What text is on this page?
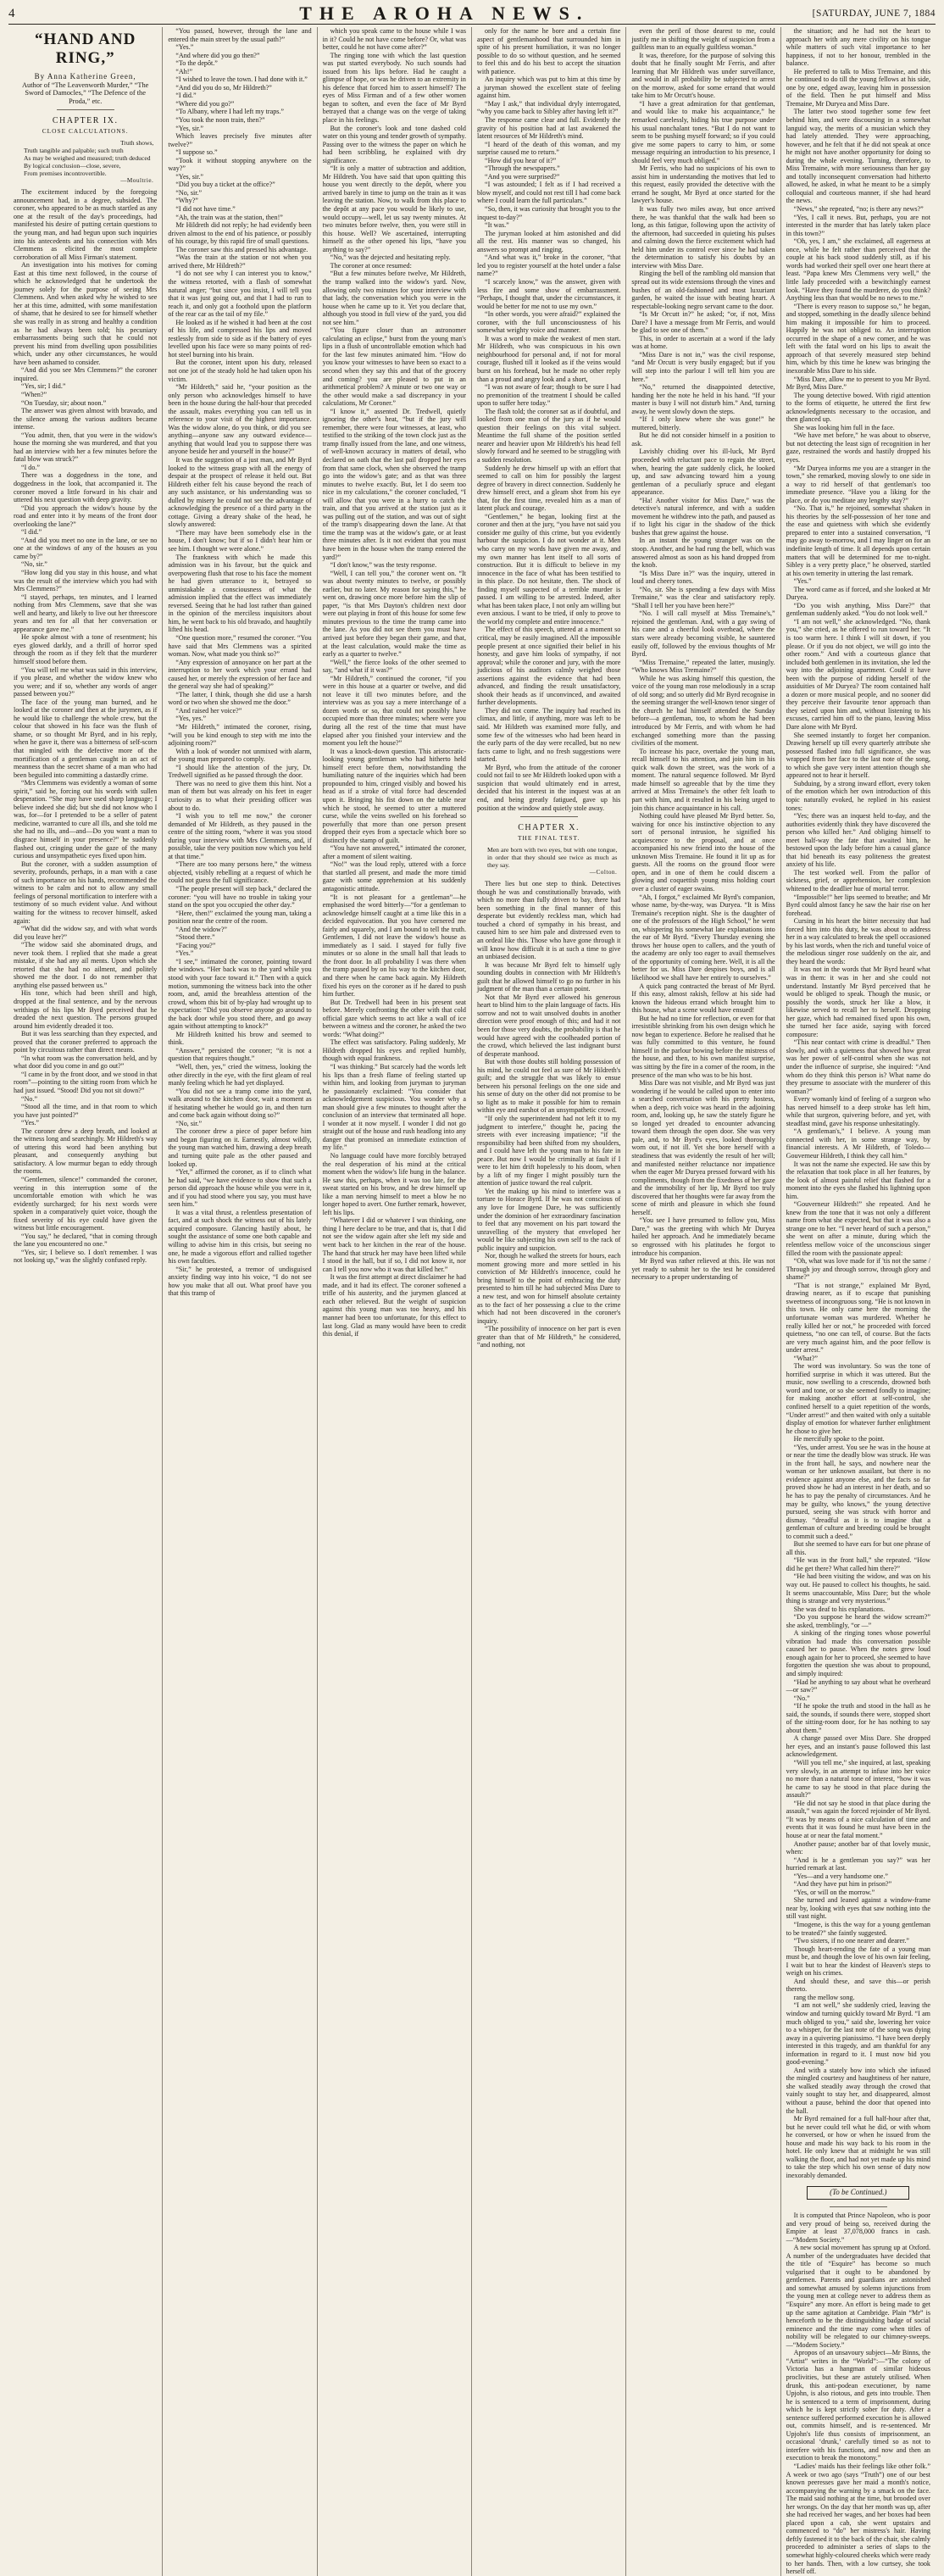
4	THE AROHA NEWS.	[SATURDAY, JUNE 7, 1884
“HAND AND RING,”

By Anna Katherine Green,

Author of “The Leavenworth Murder,” “The Sword of Damocles,” “The Defence of the Proda,” etc.

CHAPTER IX.
CLOSE CALCULATIONS.
Truth shows,
Truth tangible and palpable; such truth
As may be weighed and measured; truth deduced
By logical conclusion—close, severe,
From premises incontrovertible.
—Moultrie.

The excitement induced by the foregoing announcement had, in a degree, subsided. The coroner, who appeared to be as much startled as any one at the result of the day's proceedings, had manifested his desire of putting certain questions to the young man, and had begun upon such inquiries into his antecedents and his connection with Mrs Clemmens as elicited the most complete corroboration of all Miss Firman's statement.

An investigation into his motives for coming East at this time next followed, in the course of which he acknowledged that he undertook the journey solely for the purpose of seeing Mrs Clemmens. And when asked why he wished to see her at this time, admitted, with some manifestation of shame, that he desired to see for himself whether she was really in as strong and healthy a condition as he had always been told; his pecuniary embarrassments being such that he could not prevent his mind from dwelling upon possibilities which, under any other circumstances, he would have been ashamed to consider.

“And did you see Mrs Clemmens?” the coroner inquired.

“Yes, sir; I did.”

“When?”

“On Tuesday, sir; about noon.”

The answer was given almost with bravado, and the silence among the various auditors became intense.

“You admit, then, that you were in the widow's house the morning she was murdered, and that you had an interview with her a few minutes before the fatal blow was struck?”

“I do.”

There was a doggedness in the tone, and doggedness in the look, that accompanied it. The coroner moved a little forward in his chair and uttered his next question with deep gravity.

“Did you approach the widow's house by the road and enter into it by means of the front door overlooking the lane?”

“I did.”

“And did you meet no one in the lane, or see no one at the windows of any of the houses as you came by?”

“No, sir.”

“How long did you stay in this house, and what was the result of the interview which you had with Mrs Clemmens?”

“I stayed, perhaps, ten minutes, and I learned nothing from Mrs Clemmens, save that she was well and hearty, and likely to live out her threescore years and ten for all that her conversation or appearance gave me.”

He spoke almost with a tone of resentment; his eyes glowed darkly, and a thrill of horror sped through the room as if they felt that the murderer himself stood before them.

“You will tell me what was said in this interview, if you please, and whether the widow knew who you were; and if so, whether any words of anger passed between you?”

The face of the young man burned, and he looked at the coroner and then at the jurymen, as if he would like to challenge the whole crew, but the colour that showed in his face was the flush of shame, or so thought Mr Byrd, and in his reply, when he gave it, there was a bitterness of self-scorn that mingled with the defective more of the mortification of a gentleman caught in an act of meanness than the secret shame of a man who had been beguiled into committing a dastardly crime.

“Mrs Clemmens was evidently a woman of some spirit,” said he, forcing out his words with sullen desperation. “She may have used sharp language; I believe indeed she did; but she did not know who I was, for—for I pretended to be a seller of patent medicine, warranted to cure all ills, and she told me she had no ills, and—and—Do you want a man to disgrace himself in your presence?” he suddenly flashed out, cringing under the gaze of the many curious and unsympathetic eyes fixed upon him.

But the coroner, with a sudden assumption of severity, profounds, perhaps, in a man with a case of such importance on his hands, recommended the witness to be calm and not to allow any small feelings of personal mortification to interfere with a testimony of so much evident value. And without waiting for the witness to recover himself, asked again:

“What did the widow say, and with what words did you leave her?”

“The widow said she abominated drugs, and never took them. I replied that she made a great mistake, if she had any ail ments. Upon which she retorted that she had no ailment, and politely showed me the door. I do not remember that anything else passed between us.”

His tone, which had been shrill and high, dropped at the final sentence, and by the nervous writhings of his lips Mr Byrd perceived that he dreaded the next question. The persons grouped around him evidently dreaded it too.

But it was less searching than they expected, and proved that the coroner preferred to approach the point by circuitous rather than direct means.

“In what room was the conversation held, and by what door did you come in and go out?”

“I came in by the front door, and we stood in that room”—pointing to the sitting room from which he had just issued. “Stood! Did you not sit down?”

“No.”

“Stood all the time, and in that room to which you have just pointed?”

“Yes.”

The coroner drew a deep breath, and looked at the witness long and searchingly. Mr Hildreth's way of uttering this word had been anything but pleasant, and consequently anything but satisfactory. A low murmur began to eddy through the rooms.

“Gentlemen, silence!” commanded the coroner, veering in this interruption some of the uncomfortable emotion with which he was evidently surcharged; for his next words were spoken in a comparatively quiet voice, though the fixed severity of his eye could have given the witness but little encouragement.

“You say,” he declared, “that in coming through the lane you encountered no one.”

“Yes, sir; I believe so. I don't remember. I was not looking up,” was the slightly confused reply.

“You passed, however, through the lane and entered the main street by the usual path?”

“Yes.”

“And where did you go then?”

“To the depôt.”

“Ah!”

“I wished to leave the town. I had done with it.”

“And did you do so, Mr Hildreth?”

“I did.”

“Where did you go?”

“To Albany, where I had left my traps.”

“You took the noon train, then?”

“Yes, sir.”

Which leaves precisely five minutes after twelve?”

“I suppose so.”

“Took it without stopping anywhere on the way?”

“Yes, sir.”

“Did you buy a ticket at the office?”

“No, sir.”

“Why?”

“I did not have time.”

“Ah, the train was at the station, then!”

Mr Hildreth did not reply; he had evidently been driven almost to the end of his patience, or possibly of his courage, by this rapid fire of small questions.

The coroner saw this and pressed his advantage.

“Was the train at the station or not when you arrived there, Mr Hildreth?”

“I do not see why I can interest you to know,” the witness retorted, with a flash of somewhat natural anger; “but since you insist, I will tell you that it was just going out, and that I had to run to reach it, and only got a foothold upon the platform of the rear car as the tail of my file.”

He looked as if he wished it had been at the cost of his life, and compressed his lips and moved restlessly from side to side as if the battery of eyes levelled upon his face were so many points of red-hot steel burning into his brain.

But the coroner, intent upon his duty, released not one jot of the steady hold he had taken upon his victim.

“Mr Hildreth,” said he, “your position as the only person who acknowledges himself to have been in the house during the half-hour that preceded the assault, makes everything you can tell us in reference to your visit of the highest importance. Was the widow alone, do you think, or did you see anything—anyone saw any outward evidence—anything that would lead you to suppose there was anyone beside her and yourself in the house?”

It was the suggestion of a just man, and Mr Byrd looked to the witness grasp with all the energy of despair at the prospect of release it held out. But Hildreth either felt his cause beyond the reach of any such assistance, or his understanding was so dulled by misery he could not see the advantage of acknowledging the presence of a third party in the cottage. Giving a dreary shake of the head, he slowly answered:

“There may have been somebody else in the house, I don't know; but if so I didn't hear him or see him. I thought we were alone.”

The frankness with which he made this admission was in his favour, but the quick and overpowering flush that rose to his face the moment he had given utterance to it, betrayed so unmistakable a consciousness of what the admission implied that the effect was immediately reversed. Seeing that he had lost rather than gained in the opinion of the merciless inquisitors about him, he went back to his old bravado, and haughtily lifted his head.

“One question more,” resumed the coroner. “You have said that Mrs Clemmens was a spirited woman. Now, what made you think so?”

“Any expression of annoyance on her part at the interruption to her work which your errand had caused her, or merely the expression of her face and the general way she had of speaking?”

“The latter, I think, though she did use a harsh word or two when she showed me the door.”

“And raised her voice?”

“Yes, yes.”

“Mr Hildreth,” intimated the coroner, rising, “will you be kind enough to step with me into the adjoining room?”

With a look of wonder not unmixed with alarm, the young man prepared to comply.

“I should like the attention of the jury, Dr. Tredwell signified as he passed through the door.

There was no need to give them this hint. Not a man of them but was already on his feet in eager curiosity as to what their presiding officer was about to do.

“I wish you to tell me now,” the coroner demanded of Mr Hildreth, as they paused in the centre of the sitting room, “where it was you stood during your interview with Mrs Clemmens, and, if possible, take the very position now which you held at that time.”

“There are too many persons here,” the witness objected, visibly rebelling at a request of which he could not guess the full significance.

“The people present will step back,” declared the coroner: “you will have no trouble in taking your stand on the spot you occupied the other day.”

“Here, then!” exclaimed the young man, taking a position near the centre of the room.

“And the widow?”

“Stood there.”

“Facing you?”

“Yes.”

“I see,” intimated the coroner, pointing toward the windows. “Her back was to the yard while you stood with your face toward it.” Then with a quick motion, summoning the witness back into the other room, and, amid the breathless attention of the crowd, whom this bit of by-play had wrought up to expectation: “Did you observe anyone go around to the back door while you stood there, and go away again without attempting to knock?”

Mr Hildreth knitted his brow and seemed to think.

“Answer,” persisted the coroner; “it is not a question that requires thought.”

“Well, then, yes,” cried the witness, looking the other directly in the eye, with the first gleam of real manly feeling which he had yet displayed.

“You did not see a tramp come into the yard, walk around to the kitchen door, wait a moment as if hesitating whether he would go in, and then turn and come back again without doing so?”

“No, sir.”

The coroner drew a piece of paper before him and began figuring on it. Earnestly, almost wildly, the young man watched him, drawing a deep breath and turning quite pale as the other paused and looked up.

“Yet,” affirmed the coroner, as if to clinch what he had said, “we have evidence to show that such a person did approach the house while you were in it, and if you had stood where you say, you must have seen him.”

It was a vital thrust, a relentless presentation of fact, and at such shock the witness out of his lately acquired composure. Glancing hastily about, he sought the assistance of some one both capable and willing to advise him in this crisis, but seeing no one, he made a vigorous effort and rallied together his own faculties.

“Sir,” he protested, a tremor of undisguised anxiety finding way into his voice, “I do not see how you make that all out. What proof have you that this tramp of

which you speak came to the house while I was in it? Could he not have come before? Or, what was better, could he not have come after?”

The ringing tone with which the last question was put started everybody. No such sounds had issued from his lips before. Had he caught a glimpse of hope, or was he driven to an extremity in his defence that forced him to assert himself? The eyes of Miss Firman and of a few other women began to soften, and even the face of Mr Byrd betrayed that a change was on the verge of taking place in his feelings.

But the coroner's look and tone dashed cold water on this young and tender growth of sympathy. Passing over to the witness the paper on which he had been scribbling, he explained with dry significance.

“It is only a matter of subtraction and addition, Mr Hildreth. You have said that upon quitting this house you went directly to the depôt, where you arrived barely in time to jump on the train as it was leaving the station. Now, to walk from this place to the depôt at any pace you would be likely to use, would occupy—well, let us say twenty minutes. At two minutes before twelve, then, you were still in this house. Well? We ascertained, interrupting himself as the other opened his lips, “have you anything to say?”

“No,” was the dejected and hesitating reply.

The coroner at once resumed:

“But a few minutes before twelve, Mr Hildreth, the tramp walked into the widow's yard. Now, allowing only two minutes for your interview with that lady, the conversation which you were in the house when he came up to it. Yet you declare that, although you stood in full view of the yard, you did not see him.”

“You figure closer than an astronomer calculating an eclipse,” burst from the young man's lips in a flush of uncontrollable emotion which had for the last few minutes animated him. “How do you know your witnesses to have been so exact to a second when they say this and that of the grocery and coming? you are pleased to put in an arithmetical problem? A minute or two one way or the other would make a sad discrepancy in your calculations, Mr Coroner.”

“I know it,” assented Dr. Tredwell, quietly ignoring the other's heat, “but if the jury will remember, there were four witnesses, at least, who testified to the striking of the town clock just as the tramp finally issued from the lane, and one witness, of well-known accuracy in matters of detail, who declared on oath that the last pail dropped her eyes from that same clock, when she observed the tramp go into the widow's gate; and as that was three minutes to twelve exactly. But, let I do seem too nice in my calculations,” the coroner concluded, “I will allow that you were in a hurry to catch the train, and that you arrived at the station just as it was pulling out of the station, and was out of sight of the tramp's disappearing down the lane. At that time the tramp was at the widow's gate, or at least three minutes after. Is it not evident that you must have been in the house when the tramp entered the yard?”

“I don't know,” was the testy response.

“Well, I can tell you,” the coroner went on. “It was about twenty minutes to twelve, or possibly earlier, but no later. My reason for saying this,” he went on, drawing once more before him the slip of paper, “is that Mrs Dayton's children next door were out playing in front of this house for some few minutes previous to the time the tramp came into the lane. As you did not see them you must have arrived just before they began their game, and that, at the least calculation, would make the time as early as a quarter to twelve.”

“Well,” the fierce looks of the other seemed to say, “and what if it was?”

“Mr Hildreth,” continued the coroner, “if you were in this house at a quarter or twelve, and did not leave it till two minutes before, and the interview was as you say a mere interchange of a dozen words or so, that could not possibly have occupied more than three minutes; where were you during all the rest of the time that must have elapsed after you finished your interview and the moment you left the house?”

It was a knock-down question. This aristocratic-looking young gentleman who had hitherto held himself erect before them, notwithstanding the humiliating nature of the inquiries which had been propounded to him, cringed visibly and bowed his head as if a stroke of vital force had descended upon it. Bringing his fist down on the table near which he stood, he seemed to utter a muttered curse, while the veins swelled on his forehead so powerfully that more than one person present dropped their eyes from a spectacle which bore so distinctly the stamp of guilt.

“You have not answered,” intimated the coroner, after a moment of silent waiting.

“No!” was the loud reply, uttered with a force that startled all present, and made the more timid gaze with some apprehension at his suddenly antagonistic attitude.

“It is not pleasant for a gentleman”—he emphasised the word bitterly—“for a gentleman to acknowledge himself caught at a time like this in a decided equivocation. But you have cornered me fairly and squarely, and I am bound to tell the truth. Gentlemen, I did not leave the widow's house as immediately as I said. I stayed for fully five minutes or so alone in the small hall that leads to the front door. In all probability I was there when the tramp passed by on his way to the kitchen door, and there when he came back again. My Hildreth fixed his eyes on the coroner as if he dared to push him further.

But Dr. Tredwell had been in his present seat before. Merely confronting the other with that cold official gaze which seems to act like a wall of ice between a witness and the coroner, he asked the two words: “What doing?”

The effect was satisfactory. Paling suddenly, Mr Hildreth dropped his eyes and replied humbly, though with equal frankness.

“I was thinking.” But scarcely had the words left his lips than a fresh flame of feeling started up within him, and looking from juryman to juryman he passionately exclaimed: “You consider that acknowledgement suspicious. You wonder why a man should give a few minutes to thought after the conclusion of an interview that terminated all hope. I wonder at it now myself. I wonder I did not go straight out of the house and rush headlong into any danger that promised an immediate extinction of my life.”

No language could have more forcibly betrayed the real desperation of his mind at the critical moment when the widow's life hung in the balance. He saw this, perhaps, when it was too late, for the sweat started on his brow, and he drew himself up like a man nerving himself to meet a blow he no longer hoped to avert. One further remark, however, left his lips.

“Whatever I did or whatever I was thinking, one thing I here declare to be true, and that is, that I did not see the widow again after she left my side and went back to her kitchen in the rear of the house. The hand that struck her may have been lifted while I stood in the hall, but if so, I did not know it, nor can I tell you now who it was that killed her.”

It was the first attempt at direct disclaimer he had made, and it had its effect. The coroner softened a trifle of his austerity, and the jurymen glanced at each other relieved. But the weight of suspicion against this young man was too heavy, and his manner had been too unfortunate, for this effect to last long. Glad as many would have been to credit this denial, if

only for the name he bore and a certain fine aspect of gentlemanhood that surrounded him in spite of his present humiliation, it was no longer possible to do so without question, and he seemed to feel this and do his best to accept the situation with patience.

An inquiry which was put to him at this time by a juryman showed the excellent state of feeling against him.

“May I ask,” that individual dryly interrogated, “why you came back to Sibley after having left it?”

The response came clear and full. Evidently the gravity of his position had at last awakened the latent resources of Mr Hildreth's mind.

“I heard of the death of this woman, and my surprise caused me to return.”

“How did you hear of it?”

“Through the newspapers.”

“And you were surprised?”

“I was astounded; I felt as if I had received a blow myself, and could not rest till I had come back where I could learn the full particulars.”

“So, then, it was curiosity that brought you to the inquest to-day?”

“It was.”

The juryman looked at him astonished and did all the rest. His manner was so changed, his answers so prompt and ringing.

“And what was it,” broke in the coroner, “that led you to register yourself at the hotel under a false name?”

“I scarcely know,” was the answer, given with less fire and some show of embarrassment. “Perhaps, I thought that, under the circumstances, it would be better for me not to use my own.”

“In other words, you were afraid?” explained the coroner, with the full unconsciousness of his somewhat weighty voice and manner.

It was a word to make the weakest of men start. Mr Hildreth, who was conspicuous in his own neighbourhood for personal and, if not for moral courage, flushed till it looked as if the veins would burst on his forehead, but he made no other reply than a proud and angry look and a short,

“I was not aware of fear; though to be sure I had no premonition of the treatment I should be called upon to suffer here today.”

The flash told; the coroner sat as if doubtful, and looked from one man of the jury as if he would question their feelings on this vital subject. Meantime the full shame of the position settled nearer and heavier upon Mr Hildreth's his head fell slowly forward and he seemed to be struggling with a sudden resolution.

Suddenly he drew himself up with an effort that seemed to call on him for possibly the largest degree of bravery in direct connection. Suddenly he drew himself erect, and a gleam shot from his eye that, for the first time, revealed him as a man of latent pluck and courage.

“Gentlemen,” he began, looking first at the coroner and then at the jury, “you have not said you consider me guilty of this crime, but you evidently harbour the suspicion. I do not wonder at it. Men who carry on my words have given me away, and my own manner has lent itself to all sorts of construction. But it is difficult to believe in my innocence in the face of what has been testified to in this place. Do not hesitate, then. The shock of finding myself suspected of a terrible murder is passed. I am willing to be arrested. Indeed, after what has been taken place, I not only am willing but even anxious. I want to be tried, if only to prove to the world my complete and entire innocence.”

The effect of this speech, uttered at a moment so critical, may be easily imagined. All the impossible people present at once signified their belief in his honesty, and gave him looks of sympathy, if not approval; while the coroner and jury, with the more judicious of his auditors calmly weighed those assertions against the evidence that had been advanced, and finding the result unsatisfactory, shook their heads as if unconvinced, and awaited further developments.

They did not come. The inquiry had reached its climax, and little, if anything, more was left to be said. Mr Hildreth was examined more fully, and some few of the witnesses who had been heard in the early parts of the day were recalled, but no new facts came to light, and no fresh suggestions were started.

Mr Byrd, who from the attitude of the coroner could not fail to see Mr Hildreth looked upon with a suspicion that would ultimately end in arrest, decided that his interest in the inquest was at an end, and being greatly fatigued, gave up his position at the window and quietly stole away.

CHAPTER X.
THE FINAL TEST.
Men are born with two eyes, but with one tongue, in order that they should see twice as much as they say.
—Colton.

There lies but one step to think. Detectives though he was and constitutionally bravado, with which no more than fully driven to bay, there had been something in the final manner of this desperate but evidently reckless man, which had touched a chord of sympathy in his breast, and caused him to see him pale and distressed even to an ordeal like this. Those who have gone through it will know how difficult it is at such a time to give an unbiased decision.

It was because Mr Byrd felt to himself ugly sounding doubts in connection with Mr Hildreth's guilt that he allowed himself to go no further in his judgment of the man than a certain point.

Not that Mr Byrd ever allowed his generous heart to blind him to the plain language of facts. His sorrow and not to wait unsolved doubts in another direction were proof enough of this; and had it not been for those very doubts, the probability is that he would have agreed with the coolheaded portion of the crowd, which believed the last indignant burst of desperate manhood.

But with those doubts still holding possession of his mind, he could not feel as sure of Mr Hildreth's guilt; and the struggle that was likely to ensue between his personal feelings on the one side and his sense of duty on the other did not promise to be so light as to make it possible for him to remain within eye and earshot of an unsympathetic crowd.

“If only the superintendent had not left it to my judgment to interfere,” thought he, pacing the streets with ever increasing impatience; “if the responsibility had been shifted from my shoulders, and I could have left the young man to his fate in peace. But now I would be criminally at fault if I were to let him drift hopelessly to his doom, when by a lift of my finger I might possibly turn the attention of justice toward the real culprit.

Yet the making up his mind to interfere was a torture to Horace Byrd. If he was not conscious of any love for Imogene Dare, he was sufficiently under the dominion of her extraordinary fascination to feel that any movement on his part toward the unravelling of the mystery that enveloped her would be like subjecting his own self to the rack of public inquiry and suspicion.

Nor, though he walked the streets for hours, each moment growing more and more settled in his conviction of Mr Hildreth's innocence, could he bring himself to the point of embracing the duty presented to him till he had subjected Miss Dare to a new test, and won for himself absolute certainty as to the fact of her possessing a clue to the crime which had not been discovered in the coroner's inquiry.

“The possibility of innocence on her part is even greater than that of Mr Hildreth,” he considered, “and nothing, not

even the peril of those dearest to me, could justify me in shifting the weight of suspicion from a guiltless man to an equally guiltless woman.”

It was, therefore, for the purpose of solving this doubt that he finally sought Mr Ferris, and after learning that Mr Hildreth was under surveillance, and would in all probability be subjected to arrest on the morrow, asked for some errand that would take him to Mr Orcutt's house.

“I have a great admiration for that gentleman, and would like to make his acquaintance,” he remarked carelessly, hiding his true purpose under his usual nonchalant tones. “But I do not want to seem to be pushing myself forward; so if you could give me some papers to carry to him, or some message requiring an introduction to his presence, I should feel very much obliged.”

Mr Ferris, who had no suspicions of his own to assist him in understanding the motives that led to this request, easily provided the detective with the errand he sought, Mr Byrd at once started for the lawyer's house.

It was fully two miles away, but once arrived there, he was thankful that the walk had been so long, as this fatigue, following upon the activity of the afternoon, had succeeded in quieting his pulses and calming down the fierce excitement which had held him under its control ever since he had taken the determination to satisfy his doubts by an interview with Miss Dare.

Ringing the bell of the rambling old mansion that spread out its wide extensions through the vines and bushes of an old-fashioned and most luxuriant garden, he waited the issue with beating heart. A respectable-looking negro servant came to the door.

“Is Mr Orcutt in?” he asked; “or, if not, Miss Dare? I have a message from Mr Ferris, and would be glad to see one of them.”

This, in order to ascertain at a word if the lady was at home.

“Miss Dare is not in,” was the civil response, “and Mr Orcutt is very busily engaged; but if you will step into the parlour I will tell him you are here.”

“No,” returned the disappointed detective, handing her the note he held in his hand. “If your master is busy I will not disturb him.” And, turning away, he went slowly down the steps.

“If I only knew where she was gone!” he muttered, bitterly.

But he did not consider himself in a position to ask.

Lavishly chiding over his ill-luck, Mr Byrd proceeded with reluctant pace to regain the street, when, hearing the gate suddenly click, he looked up, and saw advancing toward him a young gentleman of a peculiarly spruce and elegant appearance.

“Ha! Another visitor for Miss Dare,” was the detective's natural inference, and with a sudden movement he withdrew into the path, and paused as if to light his cigar in the shadow of the thick bushes that grew against the house.

In an instant the young stranger was on the stoop. Another, and he had rung the bell, which was answered almost as soon as his hand dropped from the knob.

“Is Miss Dare in?” was the inquiry, uttered in loud and cheery tones.

“No, sir. She is spending a few days with Miss Tremaine,” was the clear and satisfactory reply. “Shall I tell her you have been here?”

“No. I will call myself at Miss Tremaine's,” rejoined the gentleman. And, with a gay swing of his cane and a cheerful look overhead, where the stars were already becoming visible, he sauntered easily off, followed by the envious thoughts of Mr Byrd.

“Miss Tremaine,” repeated the latter, musingly. “Who knows Miss Tremaine?”

While he was asking himself this question, the voice of the young man rose melodiously in a scrap of old song; and so utterly did Mr Byrd recognise in the seeming stranger the well-known tenor singer of the church he had himself attended the Sunday before—a gentleman, too, to whom he had been introduced by Mr Ferris, and with whom he had exchanged something more than the passing civilities of the moment.

To increase his pace, overtake the young man, recall himself to his attention, and join him in his quick walk down the street, was the work of a moment. The natural sequence followed. Mr Byrd made himself so agreeable that by the time they arrived at Miss Tremaine's the other felt loath to part with him, and it resulted in his being urged to join this chance acquaintance in his call.

Nothing could have pleased Mr Byrd better. So, waiving for once his instinctive objection to any sort of personal intrusion, he signified his acquiescence to the proposal, and at once accompanied his new friend into the house of the unknown Miss Tremaine. He found it lit up as for guests. All the rooms on the ground floor were open, and in one of them he could discern a glowing and coquettish young miss holding court over a cluster of eager swains.

“Ah, I forgot,” exclaimed Mr Byrd's companion, whose name, by-the-way, was Duryea. “It is Miss Tremaine's reception night. She is the daughter of one of the professors of the High School,” he went on, whispering his somewhat late explanations into the ear of Mr Byrd. “Every Thursday evening she throws her house open to callers, and the youth of the academy are only too eager to avail themselves of the opportunity of coming here. Well, it is all the better for us. Miss Dare despises boys, and is all likelihood we shall have her entirely to ourselves.”

A quick pang contracted the breast of Mr Byrd. If this easy, almost rakish, fellow at his side had known the hideous errand which brought him to this house, what a scene would have ensued!

But he had no time for reflection, or even for that irresistible shrinking from his own design which he now began to experience. Before he realised that he was fully committed to this venture, he found himself in the parlour bowing before the mistress of the house, and then, to his own manifest surprise, was sitting by the fire in a corner of the room, in the presence of the man who was to be his host.

Miss Dare was not visible, and Mr Byrd was just wondering if he would be called upon to enter into a searched conversation with his pretty hostess, when a deep, rich voice was heard in the adjoining room, and, looking up, he saw the stately figure he so longed yet dreaded to encounter advancing toward them through the open door. She was very pale, and, to Mr Byrd's eyes, looked thoroughly worn out, if not ill. Yet she bore herself with a steadiness that was evidently the result of her will; and manifested neither reluctance nor impatience when the eager Mr Duryea pressed forward with his compliments, though from the fixedness of her gaze and the immobility of her lip, Mr Byrd too truly discovered that her thoughts were far away from the scene of mirth and pleasure in which she found herself.

“You see I have presumed to follow you, Miss Dare,” was the greeting with which Mr Duryea hailed her approach. And he immediately became so engrossed with his platitudes he forgot to introduce his companion.

Mr Byrd was rather relieved at this. He was not yet ready to submit her to the test he considered necessary to a proper understanding of

the situation; and he had not the heart to approach her with any mere civility on his tongue while matters of such vital importance to her happiness, if not to her honour, trembled in the balance.

He preferred to talk to Miss Tremaine, and this he continued to do till the young fellows at his side, one by one, edged away, leaving him in possession of the field. Then he put himself and Miss Tremaine, Mr Duryea and Miss Dare.

The latter two stood together some few feet behind him, and were discoursing in a somewhat languid way, the merits of a musician which they had lately attended. They were approaching, however, and he felt that if he did not speak at once he might not have another opportunity for doing so during the whole evening. Turning, therefore, to Miss Tremaine, with more seriousness than her gay and totally inconsequent conversation had hitherto allowed, he asked, in what he meant to be a simply colloquial and courteous manner, if she had heard the news.

“News,” she repeated, “no; is there any news?”

“Yes, I call it news. But, perhaps, you are not interested in the murder that has lately taken place in this town?”

“Oh, yes, I am,” she exclaimed, all eagerness at once, while he felt rather than perceived that the couple at his back stood suddenly still, as if his words had worked their spell over one heart there at least. “Papa knew Mrs Clemmens very well,” the little lady proceeded with a bewitchingly earnest look. “Have they found the murderer, do you think? Anything less than that would be no news to me.”

“There is every reason to suppose so,” he began, and stopped, something in the deadly silence behind him making it impossible for him to proceed. Happily he was not obliged to. An interruption occurred in the shape of a new comer, and he was left with the fatal word on his lips to await the approach of that severely measured step behind him, which by this time he knew was bringing the inexorable Miss Dare to his side.

“Miss Dare, allow me to present to you Mr Byrd. Mr Byrd, Miss Dare.”

The young detective bowed. With rigid attention to the forms of etiquette, he uttered the first few acknowledgments necessary to the occasion, and then glanced up.

She was looking him full in the face.

“We have met before,” he was about to observe, but not detecting the least sign of recognition in her gaze, restrained the words and hastily dropped his eyes.

“Mr Duryea informs me you are a stranger in the town,” she remarked, moving slowly to one side in a way to rid herself of that gentleman's too immediate presence. “Have you a liking for the place, or do you meditate any lengthy stay?”

“No. That is,” he rejoined, somewhat shaken in his theories by the self-possession of her tone and the ease and quietness with which she evidently prepared to enter into a sustained conversation, “I may go away to-morrow, and I may linger on for an indefinite length of time. It all depends upon certain matters that will be determined for me to-night. Sibley is a very pretty place,” he observed, startled at his own temerity in uttering the last remark.

“Yes.”

The word came as if forced, and she looked at Mr Duryea.

“Do you wish anything, Miss Dare?” that gentleman suddenly asked. “You do not look well.”

“I am not well,” she acknowledged. “No, thank you,” she cried, as he offered to run toward her. “It is too warm here. I think I will sit down, if you please. Or if you do not object, we will go into the other room.” And with a courteous glance that included both gentlemen in its invitation, she led the way into the adjoining apartment. Could it have been with the purpose of ridding herself of the assiduities of Mr Duryea? The room contained half a dozen or more musical people, and no sooner did they perceive their favourite tenor approach than they seized upon him and, without listening to his excuses, carried him off to the piano, leaving Miss Dare alone with Mr Byrd.

She seemed instantly to forget her companion. Drawing herself up till every quarterly attribute she possessed flashed into full significance, she was wrapped from her face to the last note of the song, to which she gave very intent attention though she appeared not to hear it herself.

Subduing, by a strong inward effort, every token of the emotion which her own introduction of this topic naturally evoked, he replied in his easiest tones:

“Yes; there was an inquest held to-day, and the authorities evidently think they have discovered the person who killed her.” And obliging himself to meet half-way the fate that awaited him, he bestowed upon the lady before him a casual glance that hid beneath its easy politeness the greatest anxiety of his life.

The test worked well. From the pallor of sickness, grief, or apprehension, her complexion whitened to the deadlier hue of mortal terror.

“Impossible!” her lips seemed to breathe; and Mr Byrd could almost fancy he saw the hair rise on her forehead.

Cursing in his heart the bitter necessity that had forced him into this duty, he was about to address her in a way calculated to break the spell occasioned by his last words, when the rich and tuneful voice of the melodious singer rose suddenly on the air, and they heard the words:

It was not in the words that Mr Byrd heard what was in them: it was in her and she could not understand. Instantly Mr Byrd perceived that he would be obliged to speak. Though the music, or possibly the words, struck her like a blow, it likewise served to recall her to herself. Dropping her gaze, which had remained fixed upon his own, she turned her face aside, saying with forced composure:

“This near contact with crime is dreadful.” Then slowly, and with a quietness that showed how great was her power of self-control when she was not under the influence of surprise, she inquired: “And whom do they think this person is? What name do they presume to associate with the murderer of this woman?”

Every womanly kind of feeling of a surgeon who has nerved himself to a deep stroke has left him, while that surgeon, quivering before, and yet, with steadfast mind, gave his response unhesitatingly.

“A gentleman's,” I believe. A young man connected with her, in some strange way, by financial interests. A Mr Hildreth, of Toledo—Gouverneur Hildreth, I think they call him.”

It was not the name she expected. He saw this by the relaxation that took place in all her features, by the look of almost painful relief that flashed for a moment into the eyes she flashed his lightning upon him.

“Gouverneur Hildreth!” she repeated. And he knew from the tone that it was not only a different name from what she expected, but that it was also a strange one to her. “I never heard of such a person,” she went on after a minute, during which the relentless mellow voice of the unconscious singer filled the room with the passionate appeal:

“Oh, what was love made for if 'tis not the same / Through joy and through sorrow, through glory and shame?”

“That is not strange,” explained Mr Byrd, drawing nearer, as if to escape that punishing sweetness of incongruous song. “He is not known in this town. He only came here the morning the unfortunate woman was murdered. Whether he really killed her or not,” he proceeded with forced quietness, “no one can tell, of course. But the facts are very much against him, and the poor fellow is under arrest.”

“What?”

The word was involuntary. So was the tone of horrified surprise in which it was uttered. But the music, now swelling to a crescendo, drowned both word and tone, or so she seemed fondly to imagine; for making another effort at self-control, she confined herself to a quiet repetition of the words, “Under arrest!” and then waited with only a suitable display of emotion for whatever further enlightment he chose to give her.

He mercifully spoke to the point.

“Yes, under arrest. You see he was in the house at or near the time the deadly blow was struck. He was in the front hall, he says, and nowhere near the woman or her unknown assailant, but there is no evidence against anyone else, and the facts so far proved show he had an interest in her death, and so he has to pay the penalty of circumstances. And he may be guilty, who knows,” the young detective pursued, seeing she was struck with horror and dismay. “dreadful as it is to imagine that a gentleman of culture and breeding could be brought to commit such a deed.”

But she seemed to have ears for but one phrase of all this.

“He was in the front hall,” she repeated. “How did he get there? What called him there?”

“He had been visiting the widow, and was on his way out. He paused to collect his thoughts, he said. It seems unaccountable, Miss Dare; but the whole thing is strange and very mysterious.”

She was deaf to his explanations.

“Do you suppose he heard the widow scream?” she asked, tremblingly, “or —”

A sinking of the ringing tones whose powerful vibration had made this conversation possible caused her to pause. When the notes grew loud enough again for her to proceed, she seemed to have forgotten the question she was about to propound, and simply inquired:

“Had he anything to say about what he overheard—or saw?”

“No.”

“If he spoke the truth and stood in the hall as he said, the sounds, if sounds there were, stopped short of the sitting-room door, for he has nothing to say about them.”

A change passed over Miss Dare. She dropped her eyes, and an instant's pause followed this last acknowledgement.

“Will you tell me,” she inquired, at last, speaking very slowly, in an attempt to infuse into her voice no more than a natural tone of interest, “how it was he came to say he stood in that place during the assault?”

“He did not say he stood in that place during the assault,” was again the forced rejoinder of Mr Byrd. “It was by means of a nice calculation of time and events that it was found he must have been in the house at or near the fatal moment.”

Another pause; another bar of that lovely music, when:

“And is he a gentleman you say?” was her hurried remark at last.

“Yes—and a very handsome one.”

“And they have put him in prison?”

“Yes, or will on the morrow.”

She turned and leaned against a window-frame near by, looking with eyes that saw nothing into the still vast night.

“Imogene, is this the way for a young gentleman to be treated?” she faintly suggested.

“Two sisters, if no one nearer and dearer.”

Though heart-rending the fate of a young man must be, and though the love of his own fair feeling, I wait but to hear the kindest of Heaven's steps to weigh on his crimes.

And should these, and save this—or perish thereto.

rang the mellow song.

“I am not well,” she suddenly cried, leaving the window and turning quickly toward Mr Byrd. “I am much obliged to you,” said she, lowering her voice to a whisper, for the last note of the song was dying away in a quivering pianissimo. “I have been deeply interested in this tragedy, and am thankful for any information in regard to it. I must now bid you good-evening.”

And with a stately bow into which she infused the mingled courtesy and haughtiness of her nature, she walked steadily away through the crowd that vainly sought to stay her, and disappeared, almost without a pause, behind the door that opened into the hall.

Mr Byrd remained for a full half-hour after that, but he never could tell what he did, or with whom he conversed, or how or when he issued from the house and made his way back to his room in the hotel. He only knew that at midnight he was still walking the floor, and had not yet made up his mind to take the step which his own sense of duty now inexorably demanded.

(To be Continued.)

It is computed that Prince Napoleon, who is poor and very proud of being so, received during the Empire at least 37,078,000 francs in cash.—“Modern Society.”

A new social movement has sprung up at Oxford. A number of the undergraduates have decided that the title of “Esquire” has become so much vulgarised that it ought to be abandoned by gentlemen. Parents and guardians are astonished and somewhat amused by solemn injunctions from the young men at college never to address them as “Esquire” any more. An effort is being made to get up the same agitation at Cambridge. Plain “Mr” is henceforth to be the distinguishing badge of social eminence and the time may come when titles of nobility will be relegated to our chimney-sweeps.—“Modern Society.”

Apropos of an unsavoury subject—Mr Binns, the “Artist” writes in the “World”:—“The colony of Victoria has a hangman of similar hideous proclivities, but these are astutely utilised. When drunk, this anti-podean executioner, by name Upjohn, is also riotous, and gets into trouble. Then he is sentenced to a term of imprisonment, during which he is kept strictly sober for duty. After a sentence suffered performed execution he is allowed out, commits himself, and is re-sentenced. Mr Upjohn's life thus consists of imprisonment, an occasional ‘drunk,’ carefully timed so as not to interfere with his functions, and now and then an execution to break the monotony.”

“Ladies' maids has their feelings like other folk.” A week or two ago (says “Truth”) one of our best known peeresses gave her maid a month's notice, accompanying the warning by a smack on the face. The maid said nothing at the time, but brooded over her wrongs. On the day that her month was up, after she had received her wages, and her boxes had been placed upon a cab, she went upstairs and commenced to “do” her mistress's hair. Having deftly fastened it to the back of the chair, she calmly proceeded to administer a series of slaps to the somewhat highly-coloured cheeks which were ready to her hands. Then, with a low curtsey, she took herself off.
